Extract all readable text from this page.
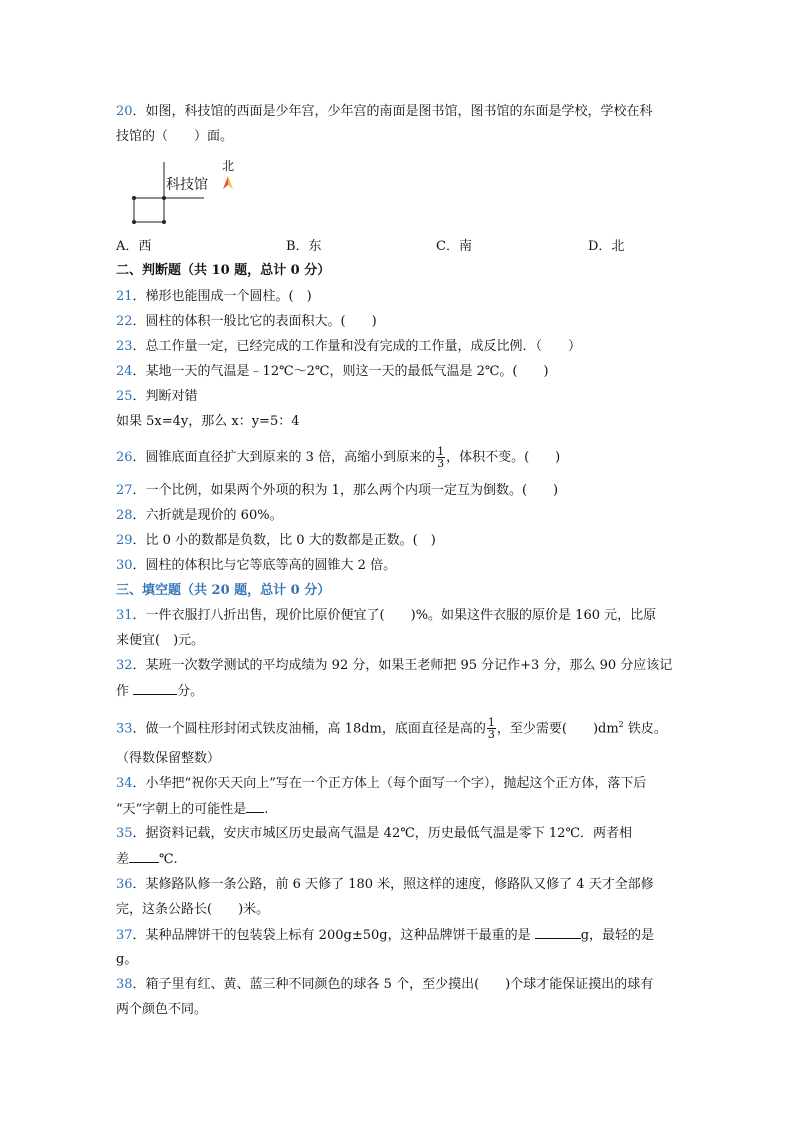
20．如图，科技馆的西面是少年宫，少年宫的南面是图书馆，图书馆的东面是学校，学校在科
技馆的（　　）面。
科技馆
北
A．西	B．东	C．南	D．北
二、判断题（共 10 题，总计 0 分）
21．梯形也能围成一个圆柱。(　)
22．圆柱的体积一般比它的表面积大。(　　)
23．总工作量一定，已经完成的工作量和没有完成的工作量，成反比例．（　　）
24．某地一天的气温是﹣12℃～2℃，则这一天的最低气温是 2℃。(　　)
25．判断对错
如果 5x=4y，那么 x：y=5：4
26．圆锥底面直径扩大到原来的 3 倍，高缩小到原来的 $\frac{1}{3}$ ，体积不变。(　　)
27．一个比例，如果两个外项的积为 1，那么两个内项一定互为倒数。(　　)
28．六折就是现价的 60%。
29．比 0 小的数都是负数，比 0 大的数都是正数。(　)
30．圆柱的体积比与它等底等高的圆锥大 2 倍。
三、填空题（共 20 题，总计 0 分）
31．一件衣服打八折出售，现价比原价便宜了(　　)%。如果这件衣服的原价是 160 元，比原
来便宜(　)元。
32．某班一次数学测试的平均成绩为 92 分，如果王老师把 95 分记作+3 分，那么 90 分应该记
作	分。
33．做一个圆柱形封闭式铁皮油桶，高 18dm，底面直径是高的 $\frac{1}{3}$ ，至少需要(　　)$dm^2$ 铁皮。
（得数保留整数）
34．小华把“祝你天天向上”写在一个正方体上（每个面写一个字），抛起这个正方体，落下后
“天”字朝上的可能性是 .
35．据资料记载，安庆市城区历史最高气温是 42℃，历史最低气温是零下 12℃．两者相
差 ℃.
36．某修路队修一条公路，前 6 天修了 180 米，照这样的速度，修路队又修了 4 天才全部修
完，这条公路长(　　)米。
37．某种品牌饼干的包装袋上标有 200g±50g，这种品牌饼干最重的是	g，最轻的是
g。
38．箱子里有红、黄、蓝三种不同颜色的球各 5 个，至少摸出(　　)个球才能保证摸出的球有
两个颜色不同。
